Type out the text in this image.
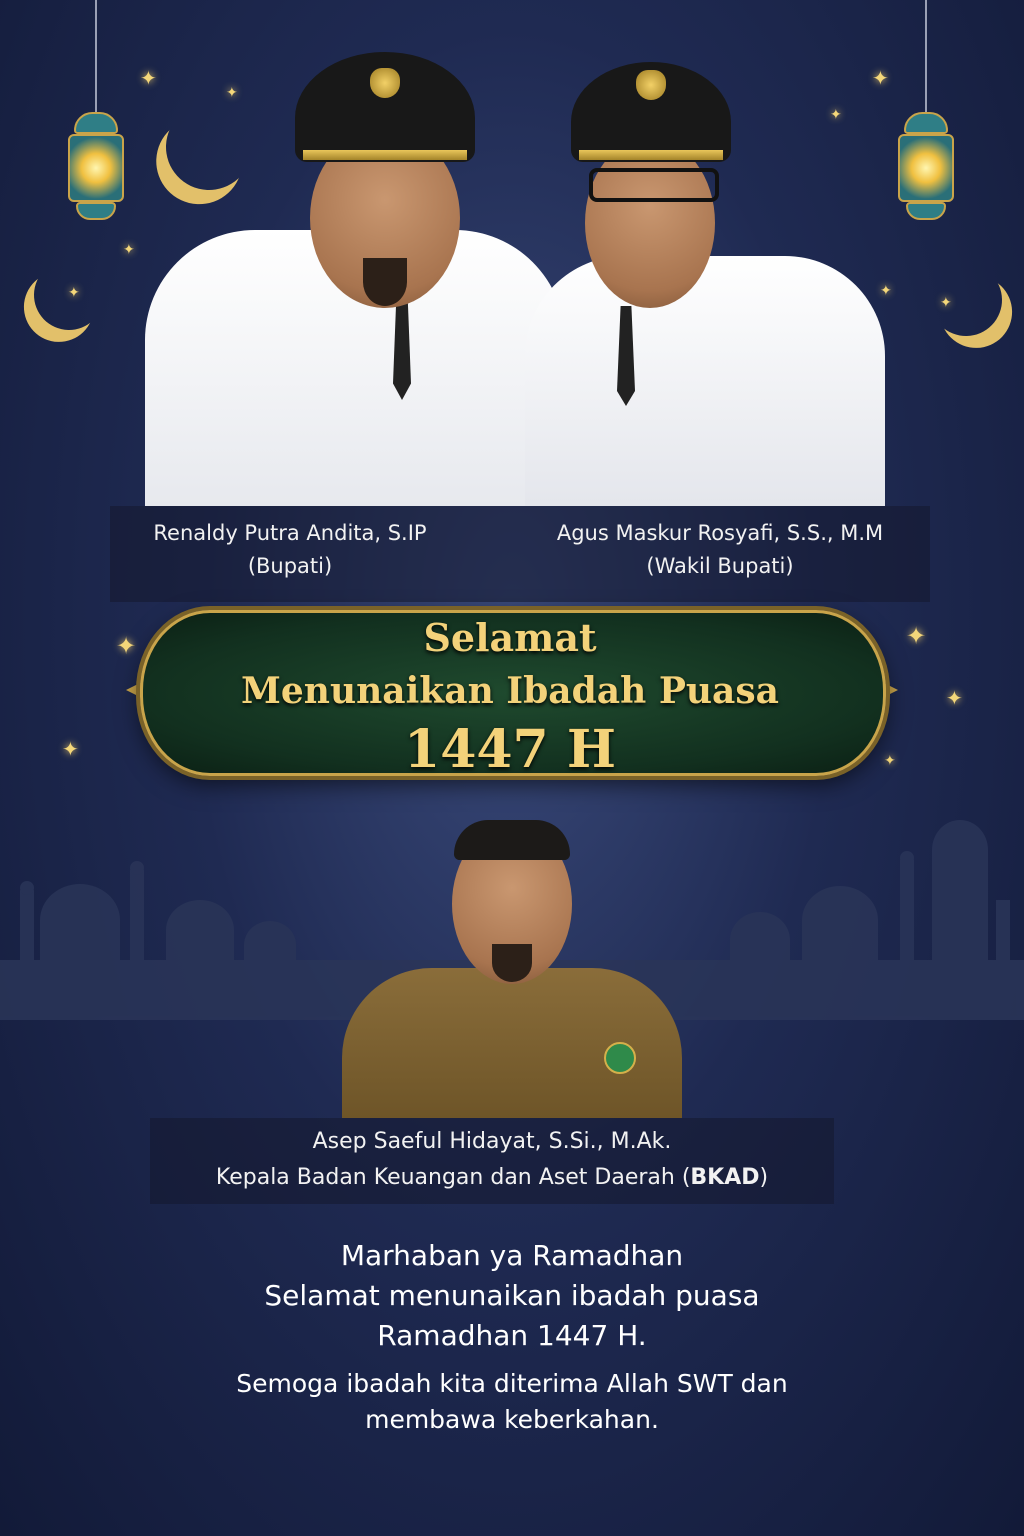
✦
✦
✦
✦
✦
✦
✦
✦
✦
✦
✦
✦
✦
Renaldy Putra Andita, S.IP
(Bupati)
Agus Maskur Rosyafi, S.S., M.M
(Wakil Bupati)
Selamat
Menunaikan Ibadah Puasa
1447 H
Asep Saeful Hidayat, S.Si., M.Ak.
Kepala Badan Keuangan dan Aset Daerah (BKAD)
Marhaban ya Ramadhan
Selamat menunaikan ibadah puasa
Ramadhan 1447 H.
Semoga ibadah kita diterima Allah SWT dan
membawa keberkahan.
